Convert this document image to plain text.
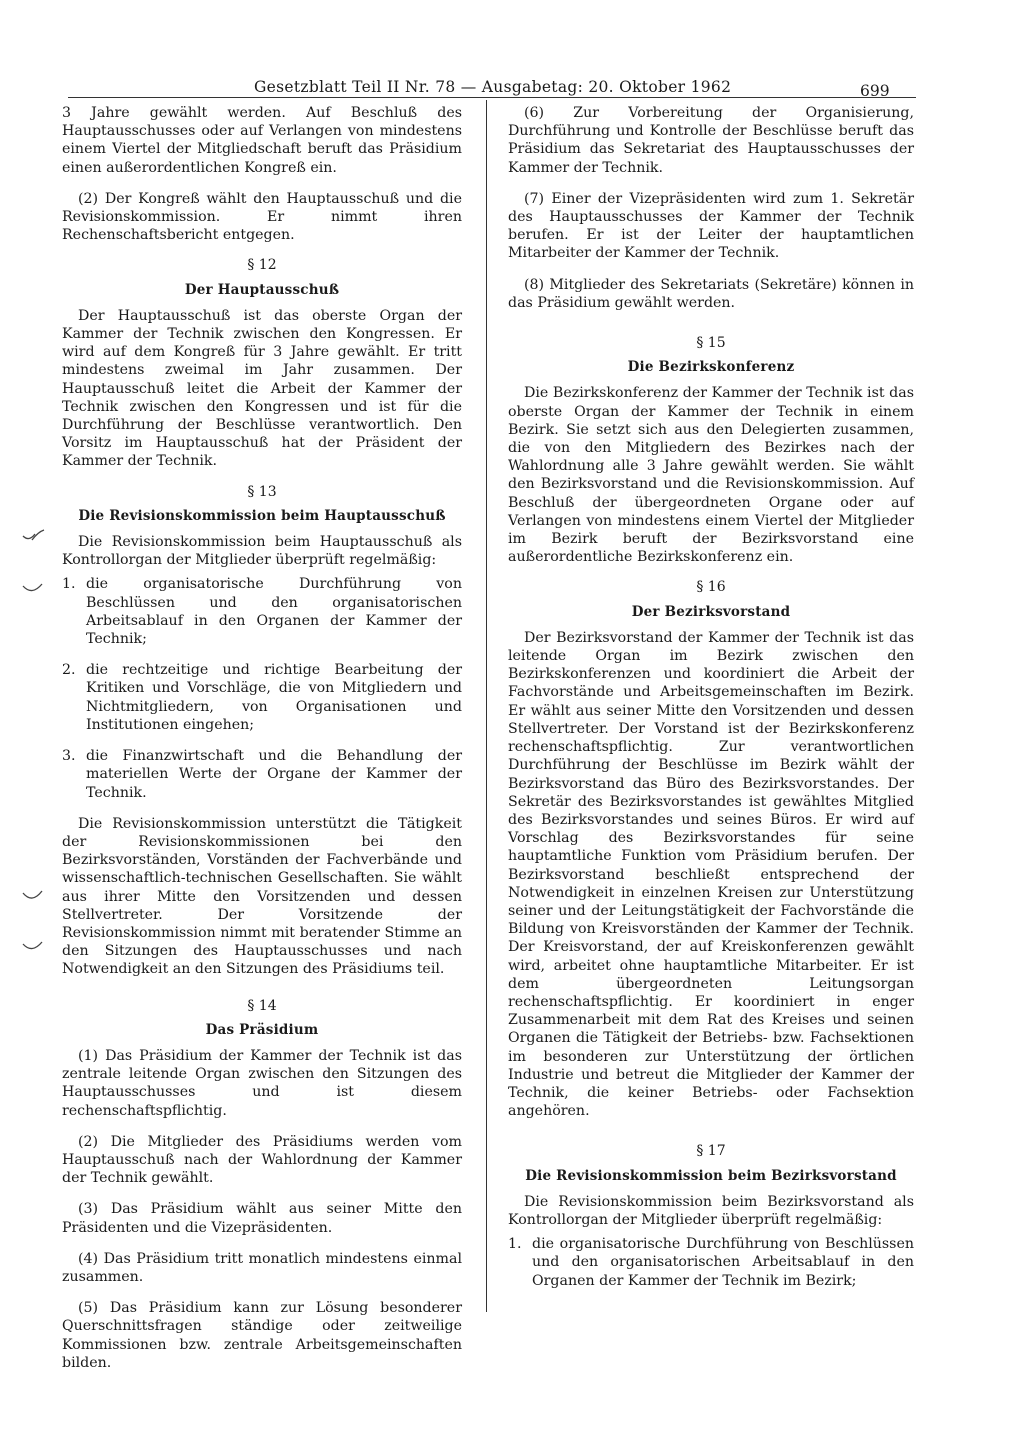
Gesetzblatt Teil II Nr. 78 — Ausgabetag: 20. Oktober 1962	699

3 Jahre gewählt werden. Auf Beschluß des Hauptausschusses oder auf Verlangen von mindestens einem Viertel der Mitgliedschaft beruft das Präsidium einen außerordentlichen Kongreß ein.

(2) Der Kongreß wählt den Hauptausschuß und die Revisionskommission. Er nimmt ihren Rechenschaftsbericht entgegen.

§ 12
Der Hauptausschuß

Der Hauptausschuß ist das oberste Organ der Kammer der Technik zwischen den Kongressen. Er wird auf dem Kongreß für 3 Jahre gewählt. Er tritt mindestens zweimal im Jahr zusammen. Der Hauptausschuß leitet die Arbeit der Kammer der Technik zwischen den Kongressen und ist für die Durchführung der Beschlüsse verantwortlich. Den Vorsitz im Hauptausschuß hat der Präsident der Kammer der Technik.

§ 13
Die Revisionskommission beim Hauptausschuß

Die Revisionskommission beim Hauptausschuß als Kontrollorgan der Mitglieder überprüft regelmäßig:

1. die organisatorische Durchführung von Beschlüssen und den organisatorischen Arbeitsablauf in den Organen der Kammer der Technik;
2. die rechtzeitige und richtige Bearbeitung der Kritiken und Vorschläge, die von Mitgliedern und Nichtmitgliedern, von Organisationen und Institutionen eingehen;
3. die Finanzwirtschaft und die Behandlung der materiellen Werte der Organe der Kammer der Technik.

Die Revisionskommission unterstützt die Tätigkeit der Revisionskommissionen bei den Bezirksvorständen, Vorständen der Fachverbände und wissenschaftlich-technischen Gesellschaften. Sie wählt aus ihrer Mitte den Vorsitzenden und dessen Stellvertreter. Der Vorsitzende der Revisionskommission nimmt mit beratender Stimme an den Sitzungen des Hauptausschusses und nach Notwendigkeit an den Sitzungen des Präsidiums teil.

§ 14
Das Präsidium

(1) Das Präsidium der Kammer der Technik ist das zentrale leitende Organ zwischen den Sitzungen des Hauptausschusses und ist diesem rechenschaftspflichtig.

(2) Die Mitglieder des Präsidiums werden vom Hauptausschuß nach der Wahlordnung der Kammer der Technik gewählt.

(3) Das Präsidium wählt aus seiner Mitte den Präsidenten und die Vizepräsidenten.

(4) Das Präsidium tritt monatlich mindestens einmal zusammen.

(5) Das Präsidium kann zur Lösung besonderer Querschnittsfragen ständige oder zeitweilige Kommissionen bzw. zentrale Arbeitsgemeinschaften bilden.

(6) Zur Vorbereitung der Organisierung, Durchführung und Kontrolle der Beschlüsse beruft das Präsidium das Sekretariat des Hauptausschusses der Kammer der Technik.

(7) Einer der Vizepräsidenten wird zum 1. Sekretär des Hauptausschusses der Kammer der Technik berufen. Er ist der Leiter der hauptamtlichen Mitarbeiter der Kammer der Technik.

(8) Mitglieder des Sekretariats (Sekretäre) können in das Präsidium gewählt werden.

§ 15
Die Bezirkskonferenz

Die Bezirkskonferenz der Kammer der Technik ist das oberste Organ der Kammer der Technik in einem Bezirk. Sie setzt sich aus den Delegierten zusammen, die von den Mitgliedern des Bezirkes nach der Wahlordnung alle 3 Jahre gewählt werden. Sie wählt den Bezirksvorstand und die Revisionskommission. Auf Beschluß der übergeordneten Organe oder auf Verlangen von mindestens einem Viertel der Mitglieder im Bezirk beruft der Bezirksvorstand eine außerordentliche Bezirkskonferenz ein.

§ 16
Der Bezirksvorstand

Der Bezirksvorstand der Kammer der Technik ist das leitende Organ im Bezirk zwischen den Bezirkskonferenzen und koordiniert die Arbeit der Fachvorstände und Arbeitsgemeinschaften im Bezirk. Er wählt aus seiner Mitte den Vorsitzenden und dessen Stellvertreter. Der Vorstand ist der Bezirkskonferenz rechenschaftspflichtig. Zur verantwortlichen Durchführung der Beschlüsse im Bezirk wählt der Bezirksvorstand das Büro des Bezirksvorstandes. Der Sekretär des Bezirksvorstandes ist gewähltes Mitglied des Bezirksvorstandes und seines Büros. Er wird auf Vorschlag des Bezirksvorstandes für seine hauptamtliche Funktion vom Präsidium berufen. Der Bezirksvorstand beschließt entsprechend der Notwendigkeit in einzelnen Kreisen zur Unterstützung seiner und der Leitungstätigkeit der Fachvorstände die Bildung von Kreisvorständen der Kammer der Technik. Der Kreisvorstand, der auf Kreiskonferenzen gewählt wird, arbeitet ohne hauptamtliche Mitarbeiter. Er ist dem übergeordneten Leitungsorgan rechenschaftspflichtig. Er koordiniert in enger Zusammenarbeit mit dem Rat des Kreises und seinen Organen die Tätigkeit der Betriebs- bzw. Fachsektionen im besonderen zur Unterstützung der örtlichen Industrie und betreut die Mitglieder der Kammer der Technik, die keiner Betriebs- oder Fachsektion angehören.

§ 17
Die Revisionskommission beim Bezirksvorstand

Die Revisionskommission beim Bezirksvorstand als Kontrollorgan der Mitglieder überprüft regelmäßig:

1. die organisatorische Durchführung von Beschlüssen und den organisatorischen Arbeitsablauf in den Organen der Kammer der Technik im Bezirk;
